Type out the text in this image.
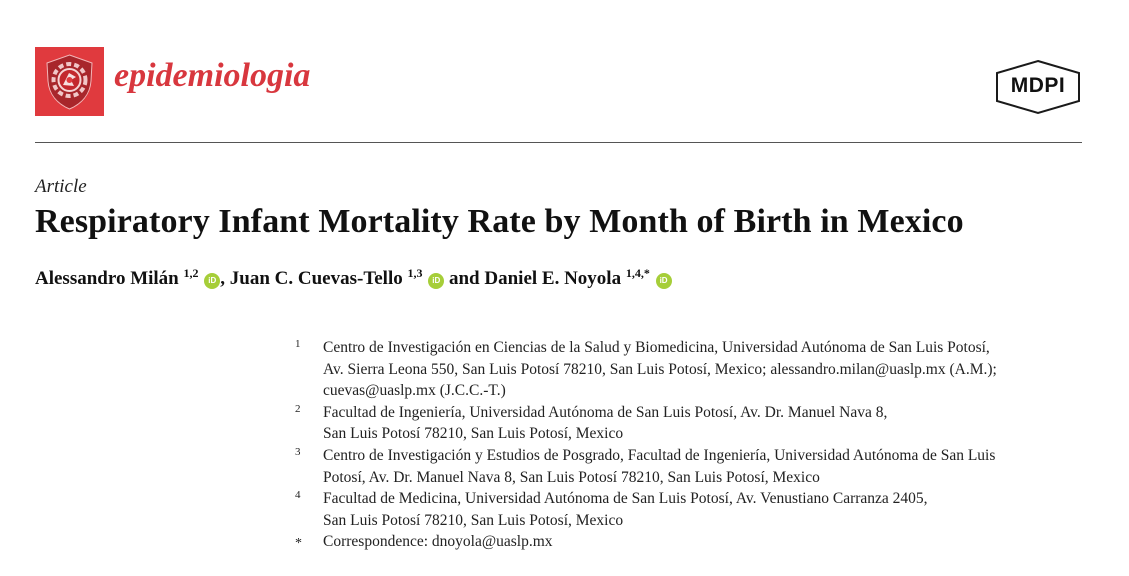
epidemiologia	MDPI
Article
Respiratory Infant Mortality Rate by Month of Birth in Mexico
Alessandro Milán $^{1,2}$ iD , Juan C. Cuevas-Tello $^{1,3}$ iD and Daniel E. Noyola $^{1,4,*}$ iD
1 Centro de Investigación en Ciencias de la Salud y Biomedicina, Universidad Autónoma de San Luis Potosí,
Av. Sierra Leona 550, San Luis Potosí 78210, San Luis Potosí, Mexico; alessandro.milan@uaslp.mx (A.M.);
cuevas@uaslp.mx (J.C.C.-T.)
2 Facultad de Ingeniería, Universidad Autónoma de San Luis Potosí, Av. Dr. Manuel Nava 8,
San Luis Potosí 78210, San Luis Potosí, Mexico
3 Centro de Investigación y Estudios de Posgrado, Facultad de Ingeniería, Universidad Autónoma de San Luis
Potosí, Av. Dr. Manuel Nava 8, San Luis Potosí 78210, San Luis Potosí, Mexico
4 Facultad de Medicina, Universidad Autónoma de San Luis Potosí, Av. Venustiano Carranza 2405,
San Luis Potosí 78210, San Luis Potosí, Mexico
* Correspondence: dnoyola@uaslp.mx
